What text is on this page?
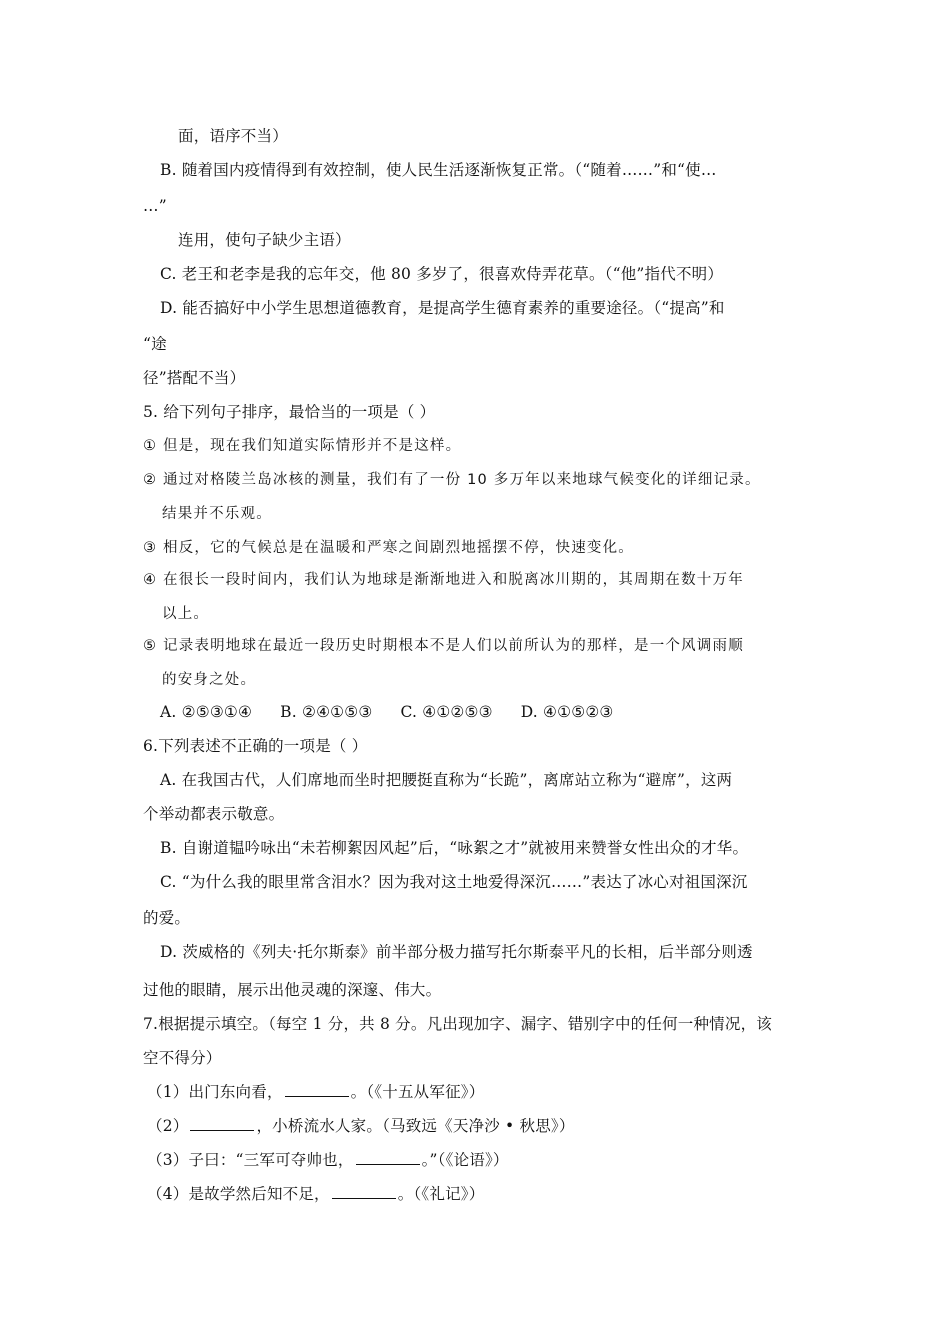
面，语序不当）
B. 随着国内疫情得到有效控制，使人民生活逐渐恢复正常。（“随着……”和“使…
…”
连用，使句子缺少主语）
C. 老王和老李是我的忘年交，他 80 多岁了，很喜欢侍弄花草。（“他”指代不明）
D. 能否搞好中小学生思想道德教育，是提高学生德育素养的重要途径。（“提高”和
“途
径”搭配不当）
5. 给下列句子排序，最恰当的一项是（ ）
① 但是，现在我们知道实际情形并不是这样。
② 通过对格陵兰岛冰核的测量，我们有了一份 10 多万年以来地球气候变化的详细记录。
结果并不乐观。
③ 相反，它的气候总是在温暖和严寒之间剧烈地摇摆不停，快速变化。
④ 在很长一段时间内，我们认为地球是渐渐地进入和脱离冰川期的，其周期在数十万年
以上。
⑤ 记录表明地球在最近一段历史时期根本不是人们以前所认为的那样，是一个风调雨顺
的安身之处。
A. ②⑤③①④ B. ②④①⑤③ C. ④①②⑤③ D. ④①⑤②③
6.下列表述不正确的一项是（ ）
A. 在我国古代，人们席地而坐时把腰挺直称为“长跪”，离席站立称为“避席”，这两
个举动都表示敬意。
B. 自谢道韫吟咏出“未若柳絮因风起”后，“咏絮之才”就被用来赞誉女性出众的才华。
C. “为什么我的眼里常含泪水？因为我对这土地爱得深沉……”表达了冰心对祖国深沉
的爱。
D. 茨威格的《列夫·托尔斯泰》前半部分极力描写托尔斯泰平凡的长相，后半部分则透
过他的眼睛，展示出他灵魂的深邃、伟大。
7.根据提示填空。（每空 1 分，共 8 分。凡出现加字、漏字、错别字中的任何一种情况，该
空不得分）
（1）出门东向看，	。（《十五从军征》）
（2）	，小桥流水人家。（马致远《天净沙 • 秋思》）
（3）子曰：“三军可夺帅也，	。”（《论语》）
（4）是故学然后知不足，	。（《礼记》）
